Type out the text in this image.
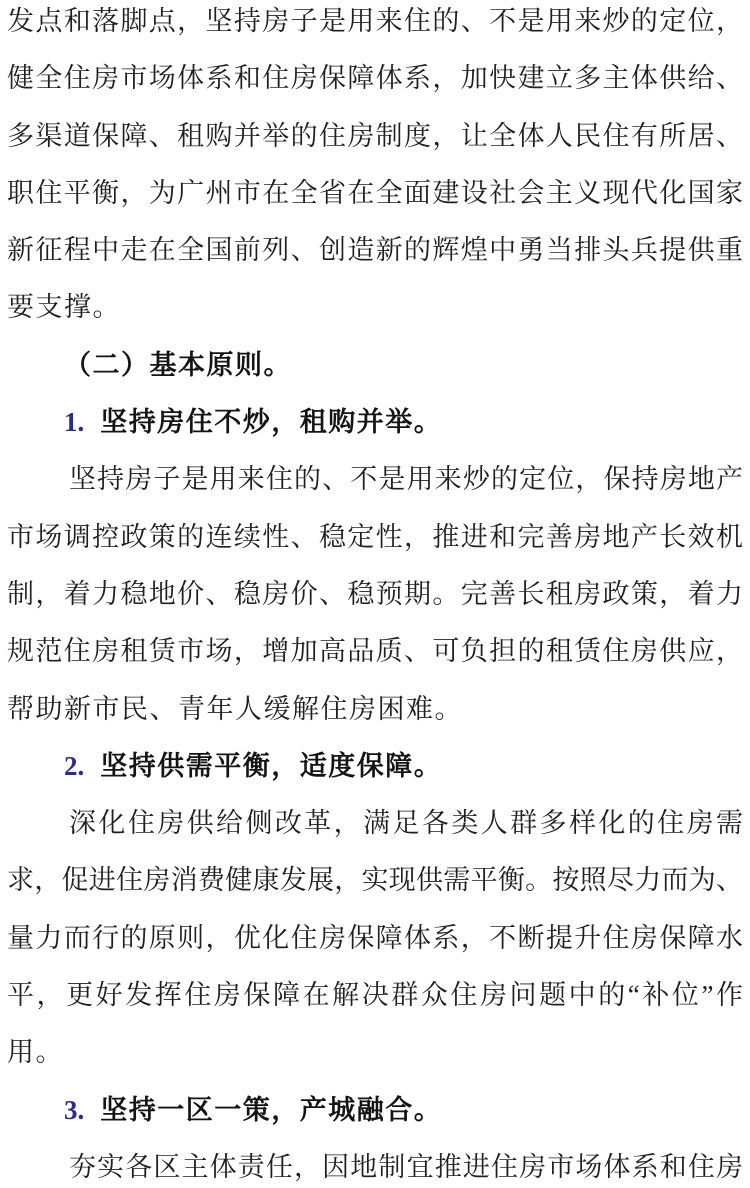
发点和落脚点，坚持房子是用来住的、不是用来炒的定位，
健全住房市场体系和住房保障体系，加快建立多主体供给、
多渠道保障、租购并举的住房制度，让全体人民住有所居、
职住平衡，为广州市在全省在全面建设社会主义现代化国家
新征程中走在全国前列、创造新的辉煌中勇当排头兵提供重
要支撑。
（二）基本原则。
1. 坚持房住不炒，租购并举。
坚持房子是用来住的、不是用来炒的定位，保持房地产
市场调控政策的连续性、稳定性，推进和完善房地产长效机
制，着力稳地价、稳房价、稳预期。完善长租房政策，着力
规范住房租赁市场，增加高品质、可负担的租赁住房供应，
帮助新市民、青年人缓解住房困难。
2. 坚持供需平衡，适度保障。
深化住房供给侧改革，满足各类人群多样化的住房需
求，促进住房消费健康发展，实现供需平衡。按照尽力而为、
量力而行的原则，优化住房保障体系，不断提升住房保障水
平，更好发挥住房保障在解决群众住房问题中的“补位”作
用。
3. 坚持一区一策，产城融合。
夯实各区主体责任，因地制宜推进住房市场体系和住房
